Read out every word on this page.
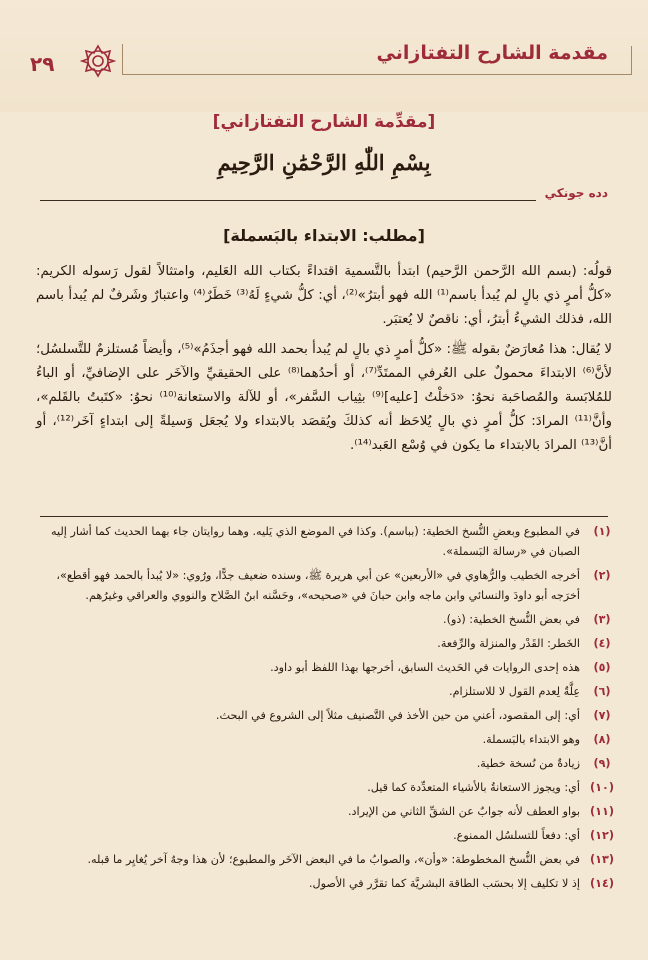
مقدمة الشارح التفتازاني
٢٩
[مقدِّمة الشارح التفتازاني]
بِسْمِ اللّٰهِ الرَّحْمَٰنِ الرَّحِيمِ
دده جونكي
[مطلب: الابتداء بالبَسملة]

قولُه: (بسم الله الرَّحمن الرَّحيم) ابتدأ بالتَّسمية اقتداءً بكتاب الله العَليم، وامتثالاً لقول رَسوله الكريم: «كلُّ أمرٍ ذي بالٍ لم يُبدأ باسم⁽¹⁾ الله فهو أبترُ»⁽²⁾، أي: كلُّ شيءٍ لَهُ⁽³⁾ خَطَرٌ⁽⁴⁾ واعتبارٌ وشَرفٌ لم يُبدأ باسم الله، فذلك الشيءُ أبترُ، أي: ناقصٌ لا يُعتبَر.

لا يُقال: هذا مُعارَضٌ بقوله ﷺ: «كلُّ أمرٍ ذي بالٍ لم يُبدأ بحمد الله فهو أجذَمُ»⁽⁵⁾، وأيضاً مُستلزمٌ للتَّسلسُل؛ لأنَّ⁽⁶⁾ الابتداءَ محمولٌ على العُرفي الممتَدِّ⁽⁷⁾، أو أحدُهما⁽⁸⁾ على الحقيقيِّ والآخَر على الإضافيِّ، أو الباءُ للمُلابَسة والمُصاحَبة نحوُ: «دَخلْتُ [عليه]⁽⁹⁾ بثِياب السَّفر»، أو للآلة والاستعانة⁽¹⁰⁾ نحوُ: «كتَبتُ بالقَلم»، وأنَّ⁽¹¹⁾ المرادَ: كلُّ أمرٍ ذي بالٍ يُلاحَظ أنه كذلكَ ويُقصَد بالابتداء ولا يُجعَل وَسيلةً إلى ابتداءٍ آخَر⁽¹²⁾، أو أنَّ⁽¹³⁾ المرادَ بالابتداء ما يكون في وُسْع العَبد⁽¹⁴⁾.

(١)
في المطبوع وبعضِ النُّسخ الخطية: (بباسم). وكذا في الموضع الذي يَليه. وهما روايتان جاء بهما الحديث كما أشار إليه الصبان في «رسالة البَسملة».
(٢)
أخرجه الخطيب والرُّهاوي في «الأربعين» عن أبي هريرة ﷺ، وسنده ضعيف جدًّا، ورُوي: «لا يُبدأ بالحمد فهو أقطع»، أخرَجه أبو داودَ والنسائي وابن ماجه وابن حبانَ في «صحيحه»، وحَسَّنه ابنُ الصَّلاح والنووي والعراقي وغيرُهم.
(٣)
في بعض النُّسخ الخطية: (ذو).
(٤)
الخَطر: القَدْر والمنزلة والرِّفعة.
(٥)
هذه إحدى الروايات في الحَديث السابق، أخرجها بهذا اللفظ أبو داود.
(٦)
عِلَّةٌ لِعدم القول لا للاستلزام.
(٧)
أي: إلى المقصود، أعني من حين الأخذ في التَّصنيف مثلاً إلى الشروع في البحث.
(٨)
وهو الابتداء بالبَسملة.
(٩)
زيادةٌ من نُسخة خطية.
(١٠)
أي: ويجوز الاستعانةُ بالأشياء المتعدِّدة كما قيل.
(١١)
بواو العطف لأنه جوابٌ عن الشقِّ الثاني من الإيراد.
(١٢)
أي: دفعاً للتسلسُل الممنوع.
(١٣)
في بعض النُّسخ المخطوطة: «وأن»، والصوابُ ما في البعض الآخَر والمطبوع؛ لأن هذا وجهٌ آخر يُغايِر ما قبله.
(١٤)
إذ لا تكليف إلا بحسَب الطاقة البشريَّة كما تقرَّر في الأصول.
